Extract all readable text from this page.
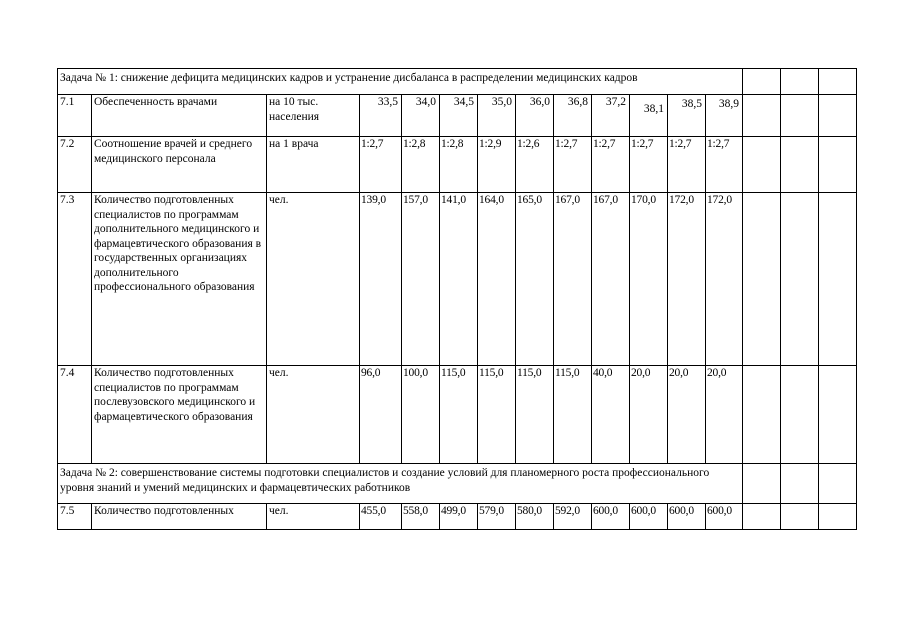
Задача № 1: снижение дефицита медицинских кадров и устранение дисбаланса в распределении медицинских кадров															
7.1	Обеспеченность врачами	на 10 тыс. населения	33,5	34,0	34,5	35,0	36,0	36,8	37,2	38,1	38,5	38,9			
7.2	Соотношение врачей и среднего медицинского персонала	на 1 врача	1:2,7	1:2,8	1:2,8	1:2,9	1:2,6	1:2,7	1:2,7	1:2,7	1:2,7	1:2,7			
7.3	Количество подготовленных специалистов по программам дополнительного медицинского и фармацевтического образования в государственных организациях дополнительного профессионального образования	чел.	139,0	157,0	141,0	164,0	165,0	167,0	167,0	170,0	172,0	172,0			
7.4	Количество подготовленных специалистов по программам послевузовского медицинского и фармацевтического образования	чел.	96,0	100,0	115,0	115,0	115,0	115,0	40,0	20,0	20,0	20,0			
Задача № 2: совершенствование системы подготовки специалистов и создание условий для планомерного роста профессионального уровня знаний и умений медицинских и фармацевтических работников															
7.5	Количество подготовленных	чел.	455,0	558,0	499,0	579,0	580,0	592,0	600,0	600,0	600,0	600,0			
